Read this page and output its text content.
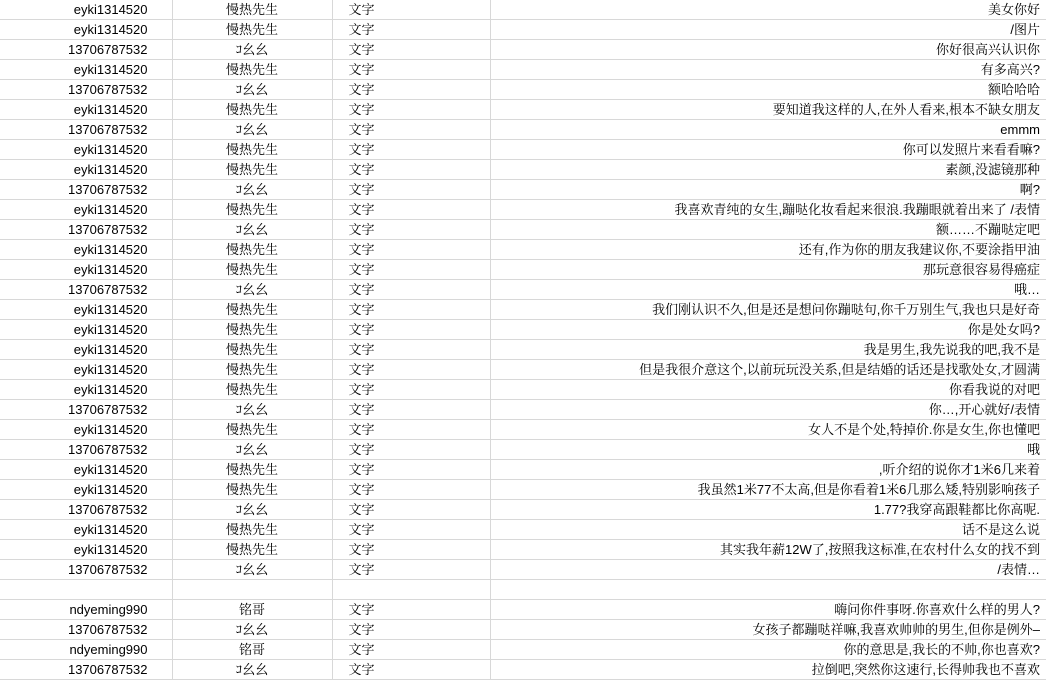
eyki1314520	慢热先生	文字	美女你好
eyki1314520	慢热先生	文字	/图片
13706787532	ｺ幺幺	文字	你好很高兴认识你
eyki1314520	慢热先生	文字	有多高兴?
13706787532	ｺ幺幺	文字	额哈哈哈
eyki1314520	慢热先生	文字	要知道我这样的人,在外人看来,根本不缺女朋友
13706787532	ｺ幺幺	文字	emmm
eyki1314520	慢热先生	文字	你可以发照片来看看嘛?
eyki1314520	慢热先生	文字	素颜,没滤镜那种
13706787532	ｺ幺幺	文字	啊?
eyki1314520	慢热先生	文字	我喜欢青纯的女生,蹦哒化妆看起来很浪.我蹦眼就着出来了 /表情
13706787532	ｺ幺幺	文字	额……不蹦哒定吧
eyki1314520	慢热先生	文字	还有,作为你的朋友我建议你,不要涂指甲油
eyki1314520	慢热先生	文字	那玩意很容易得癌症
13706787532	ｺ幺幺	文字	哦…
eyki1314520	慢热先生	文字	我们刚认识不久,但是还是想问你蹦哒句,你千万别生气,我也只是好奇
eyki1314520	慢热先生	文字	你是处女吗?
eyki1314520	慢热先生	文字	我是男生,我先说我的吧,我不是
eyki1314520	慢热先生	文字	但是我很介意这个,以前玩玩没关系,但是结婚的话还是找歌处女,才圆满
eyki1314520	慢热先生	文字	你看我说的对吧
13706787532	ｺ幺幺	文字	你…,开心就好/表情
eyki1314520	慢热先生	文字	女人不是个处,特掉价.你是女生,你也懂吧
13706787532	ｺ幺幺	文字	哦
eyki1314520	慢热先生	文字	,听介绍的说你才1米6几来着
eyki1314520	慢热先生	文字	我虽然1米77不太高,但是你看着1米6几那么矮,特别影响孩子
13706787532	ｺ幺幺	文字	1.77?我穿高跟鞋都比你高呢.
eyki1314520	慢热先生	文字	话不是这么说
eyki1314520	慢热先生	文字	其实我年薪12W了,按照我这标准,在农村什么女的找不到
13706787532	ｺ幺幺	文字	/表情…

ndyeming990	铭哥	文字	嗨问你件事呀.你喜欢什么样的男人?
13706787532	ｺ幺幺	文字	女孩子都蹦哒祥嘛,我喜欢帅帅的男生,但你是例外–
ndyeming990	铭哥	文字	你的意思是,我长的不帅,你也喜欢?
13706787532	ｺ幺幺	文字	拉倒吧,突然你这速行,长得帅我也不喜欢
